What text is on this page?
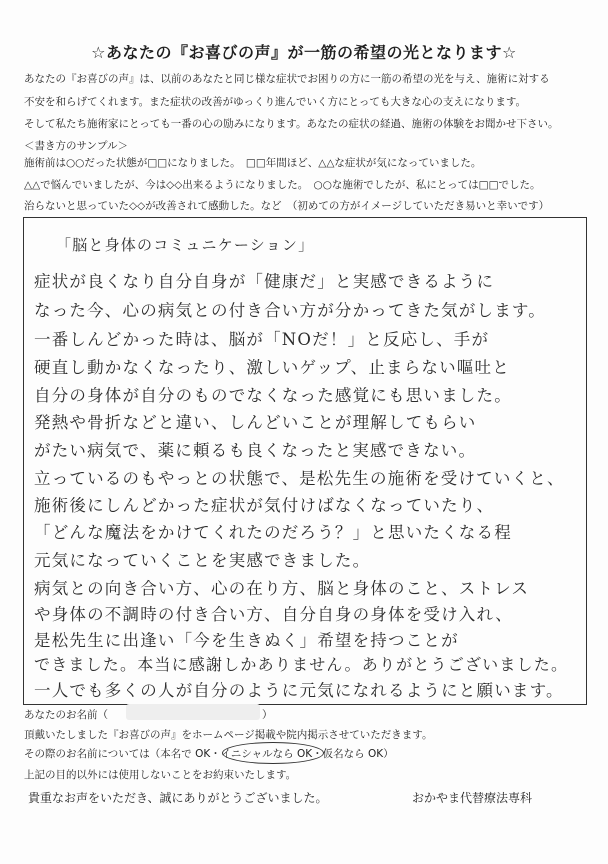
☆あなたの『お喜びの声』が一筋の希望の光となります☆
あなたの『お喜びの声』は、以前のあなたと同じ様な症状でお困りの方に一筋の希望の光を与え、施術に対する
不安を和らげてくれます。また症状の改善がゆっくり進んでいく方にとっても大きな心の支えになります。
そして私たち施術家にとっても一番の心の励みになります。あなたの症状の経過、施術の体験をお聞かせ下さい。
＜書き方のサンプル＞
施術前は○○だった状態が□□になりました。　□□年間ほど、△△な症状が気になっていました。
△△で悩んでいましたが、今は◇◇出来るようになりました。　○○な施術でしたが、私にとっては□□でした。
治らないと思っていた◇◇が改善されて感動した。など　（初めての方がイメージしていただき易いと幸いです）
「脳と身体のコミュニケーション」
症状が良くなり自分自身が「健康だ」と実感できるように
なった今、心の病気との付き合い方が分かってきた気がします。
一番しんどかった時は、脳が「NOだ！」と反応し、手が
硬直し動かなくなったり、激しいゲップ、止まらない嘔吐と
自分の身体が自分のものでなくなった感覚にも思いました。
発熱や骨折などと違い、しんどいことが理解してもらい
がたい病気で、薬に頼るも良くなったと実感できない。
立っているのもやっとの状態で、是松先生の施術を受けていくと、
施術後にしんどかった症状が気付けばなくなっていたり、
「どんな魔法をかけてくれたのだろう？」と思いたくなる程
元気になっていくことを実感できました。
病気との向き合い方、心の在り方、脳と身体のこと、ストレス
や身体の不調時の付き合い方、自分自身の身体を受け入れ、
是松先生に出逢い「今を生きぬく」希望を持つことが
できました。本当に感謝しかありません。ありがとうございました。
一人でも多くの人が自分のように元気になれるようにと願います。
あなたのお名前（	）
頂戴いたしました『お喜びの声』をホームページ掲載や院内掲示させていただきます。
その際のお名前については（本名で OK・イニシャルなら OK・仮名なら OK）
上記の目的以外には使用しないことをお約束いたします。
貴重なお声をいただき、誠にありがとうございました。	おかやま代替療法専科
